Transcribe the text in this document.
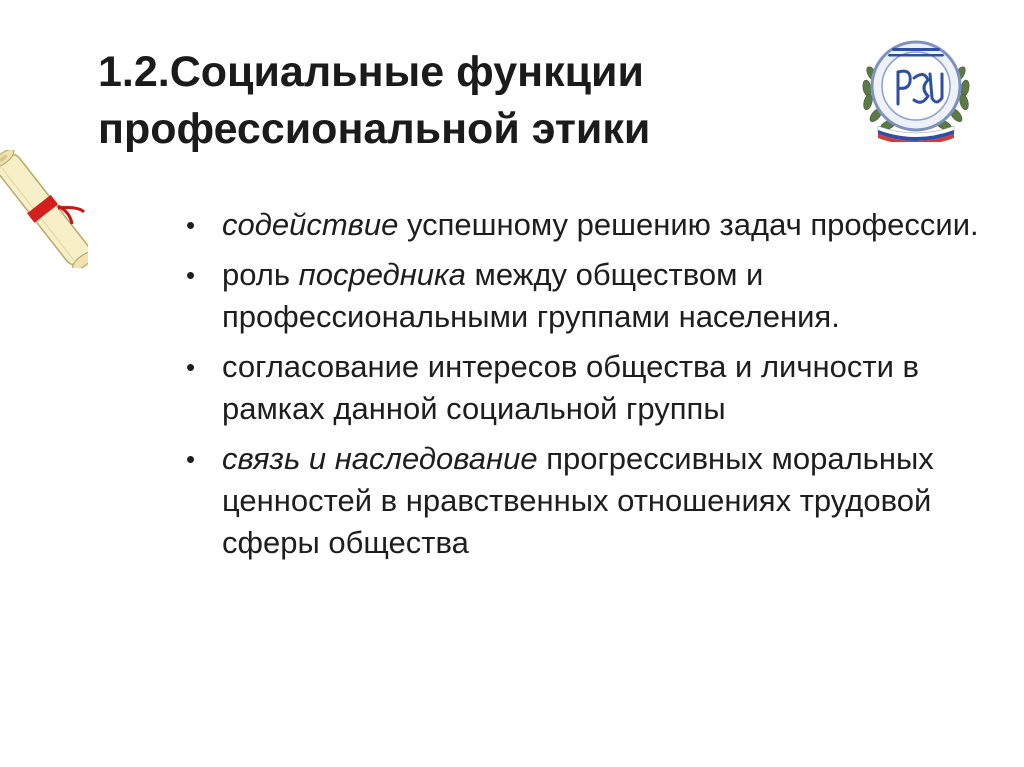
1.2.Социальные функции
профессиональной этики
• содействие успешному решению задач профессии.
• роль посредника между обществом и профессиональными группами населения.
• согласование интересов общества и личности в рамках данной социальной группы
• связь и наследование прогрессивных моральных ценностей в нравственных отношениях трудовой сферы общества
